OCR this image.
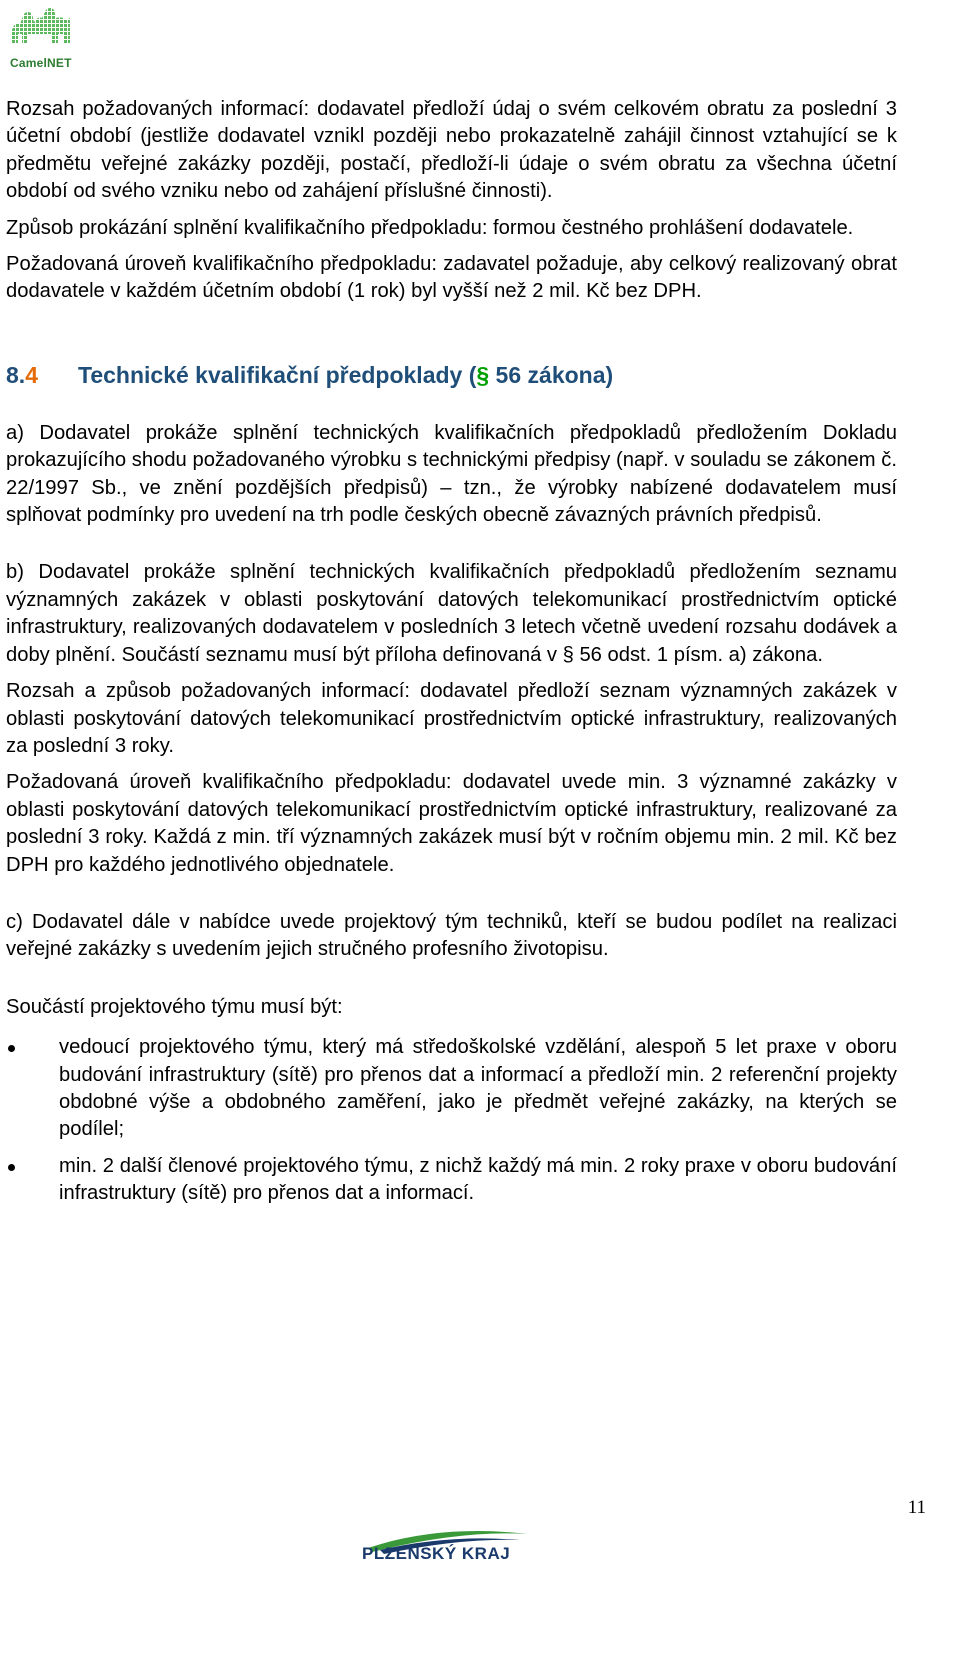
CamelNET

Rozsah požadovaných informací: dodavatel předloží údaj o svém celkovém obratu za poslední 3 účetní období (jestliže dodavatel vznikl později nebo prokazatelně zahájil činnost vztahující se k předmětu veřejné zakázky později, postačí, předloží-li údaje o svém obratu za všechna účetní období od svého vzniku nebo od zahájení příslušné činnosti).

Způsob prokázání splnění kvalifikačního předpokladu: formou čestného prohlášení dodavatele.

Požadovaná úroveň kvalifikačního předpokladu: zadavatel požaduje, aby celkový realizovaný obrat dodavatele v každém účetním období (1 rok) byl vyšší než 2 mil. Kč bez DPH.

8.4 Technické kvalifikační předpoklady (§ 56 zákona)

a) Dodavatel prokáže splnění technických kvalifikačních předpokladů předložením Dokladu prokazujícího shodu požadovaného výrobku s technickými předpisy (např. v souladu se zákonem č. 22/1997 Sb., ve znění pozdějších předpisů) – tzn., že výrobky nabízené dodavatelem musí splňovat podmínky pro uvedení na trh podle českých obecně závazných právních předpisů.

b) Dodavatel prokáže splnění technických kvalifikačních předpokladů předložením seznamu významných zakázek v oblasti poskytování datových telekomunikací prostřednictvím optické infrastruktury, realizovaných dodavatelem v posledních 3 letech včetně uvedení rozsahu dodávek a doby plnění. Součástí seznamu musí být příloha definovaná v § 56 odst. 1 písm. a) zákona.

Rozsah a způsob požadovaných informací: dodavatel předloží seznam významných zakázek v oblasti poskytování datových telekomunikací prostřednictvím optické infrastruktury, realizovaných za poslední 3 roky.

Požadovaná úroveň kvalifikačního předpokladu: dodavatel uvede min. 3 významné zakázky v oblasti poskytování datových telekomunikací prostřednictvím optické infrastruktury, realizované za poslední 3 roky. Každá z min. tří významných zakázek musí být v ročním objemu min. 2 mil. Kč bez DPH pro každého jednotlivého objednatele.

c) Dodavatel dále v nabídce uvede projektový tým techniků, kteří se budou podílet na realizaci veřejné zakázky s uvedením jejich stručného profesního životopisu.

Součástí projektového týmu musí být:

vedoucí projektového týmu, který má středoškolské vzdělání, alespoň 5 let praxe v oboru budování infrastruktury (sítě) pro přenos dat a informací a předloží min. 2 referenční projekty obdobné výše a obdobného zaměření, jako je předmět veřejné zakázky, na kterých se podílel;
min. 2 další členové projektového týmu, z nichž každý má min. 2 roky praxe v oboru budování infrastruktury (sítě) pro přenos dat a informací.
11
PLZEŇSKÝ KRAJ
